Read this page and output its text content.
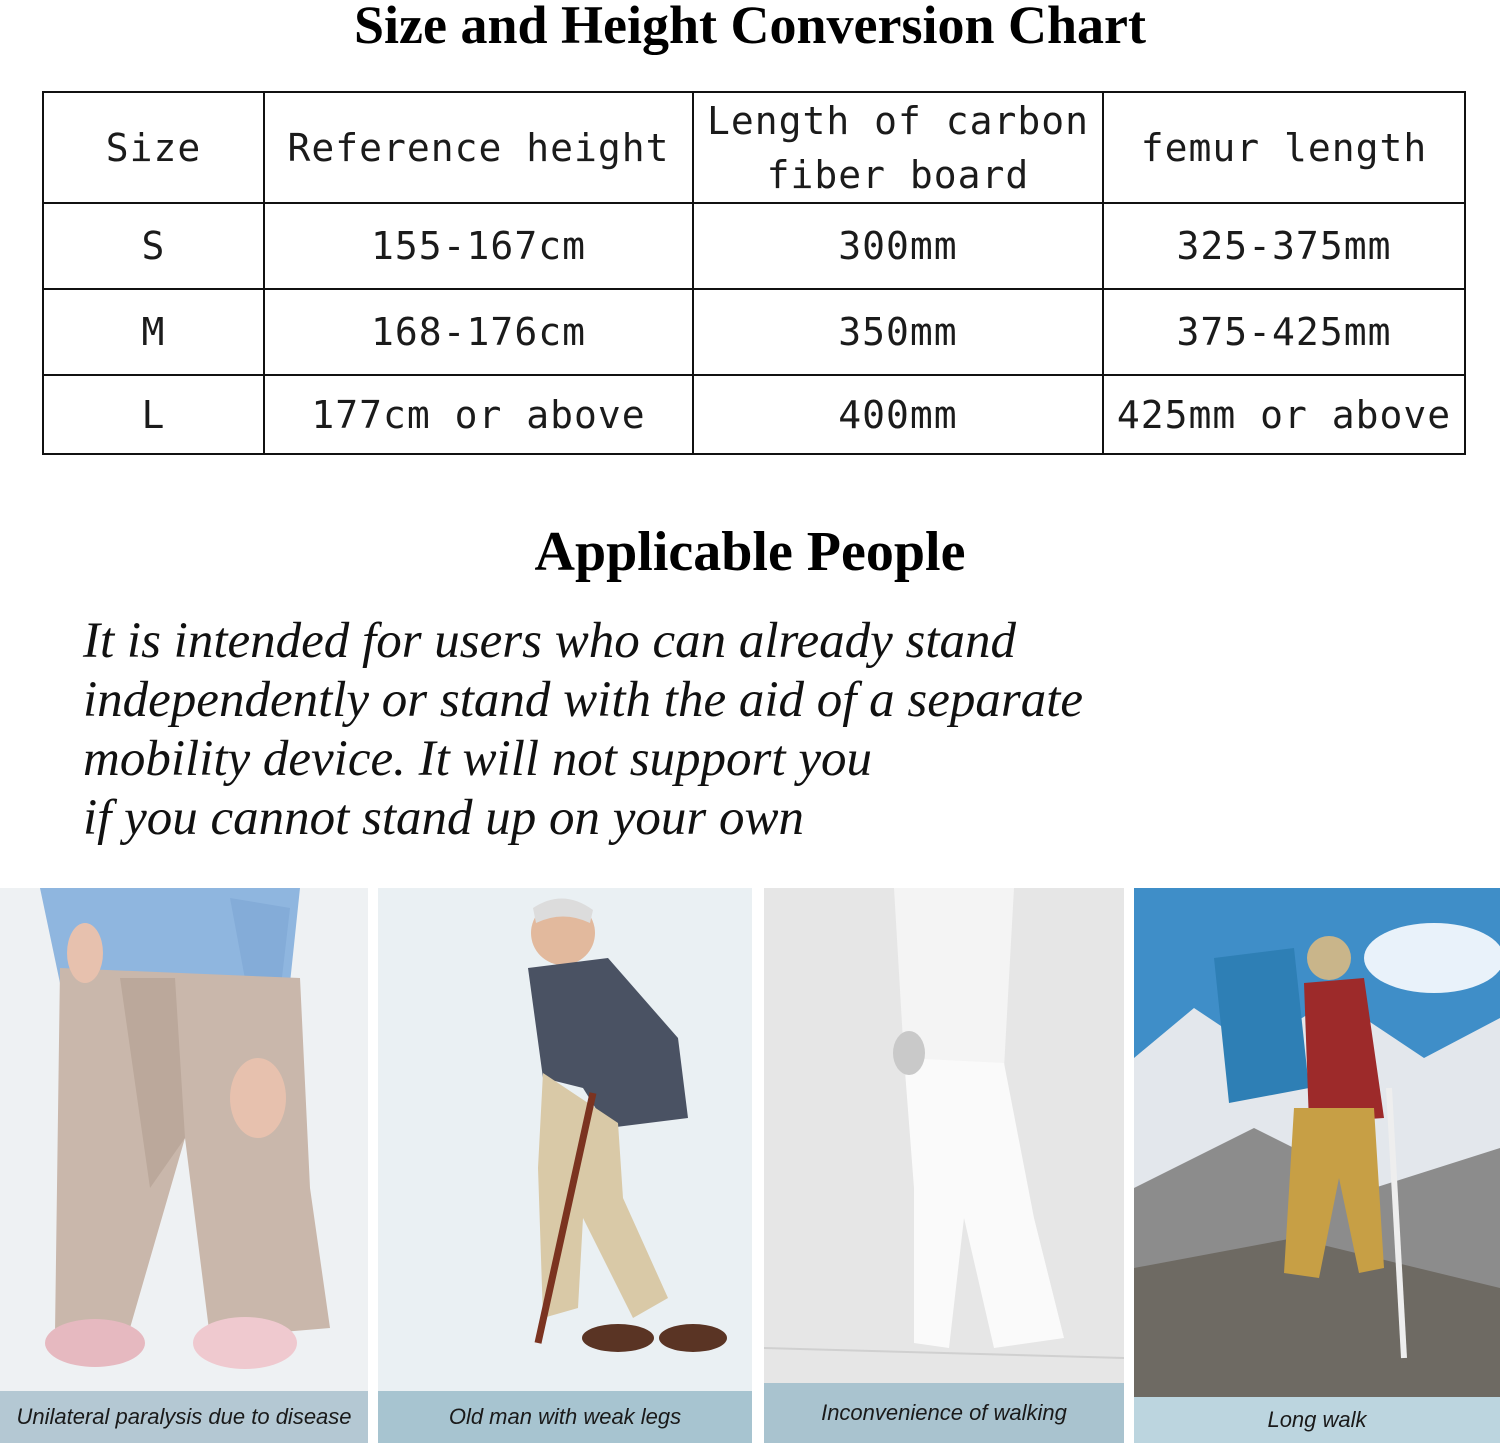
Size and Height Conversion Chart
Size	Reference height	Length of carbon fiber board	femur length
S	155-167cm	300mm	325-375mm
M	168-176cm	350mm	375-425mm
L	177cm or above	400mm	425mm or above
Applicable People
It is intended for users who can already stand
independently or stand with the aid of a separate
mobility device. It will not support you
if you cannot stand up on your own
Unilateral paralysis due to disease	Old man with weak legs	Inconvenience of walking	Long walk
